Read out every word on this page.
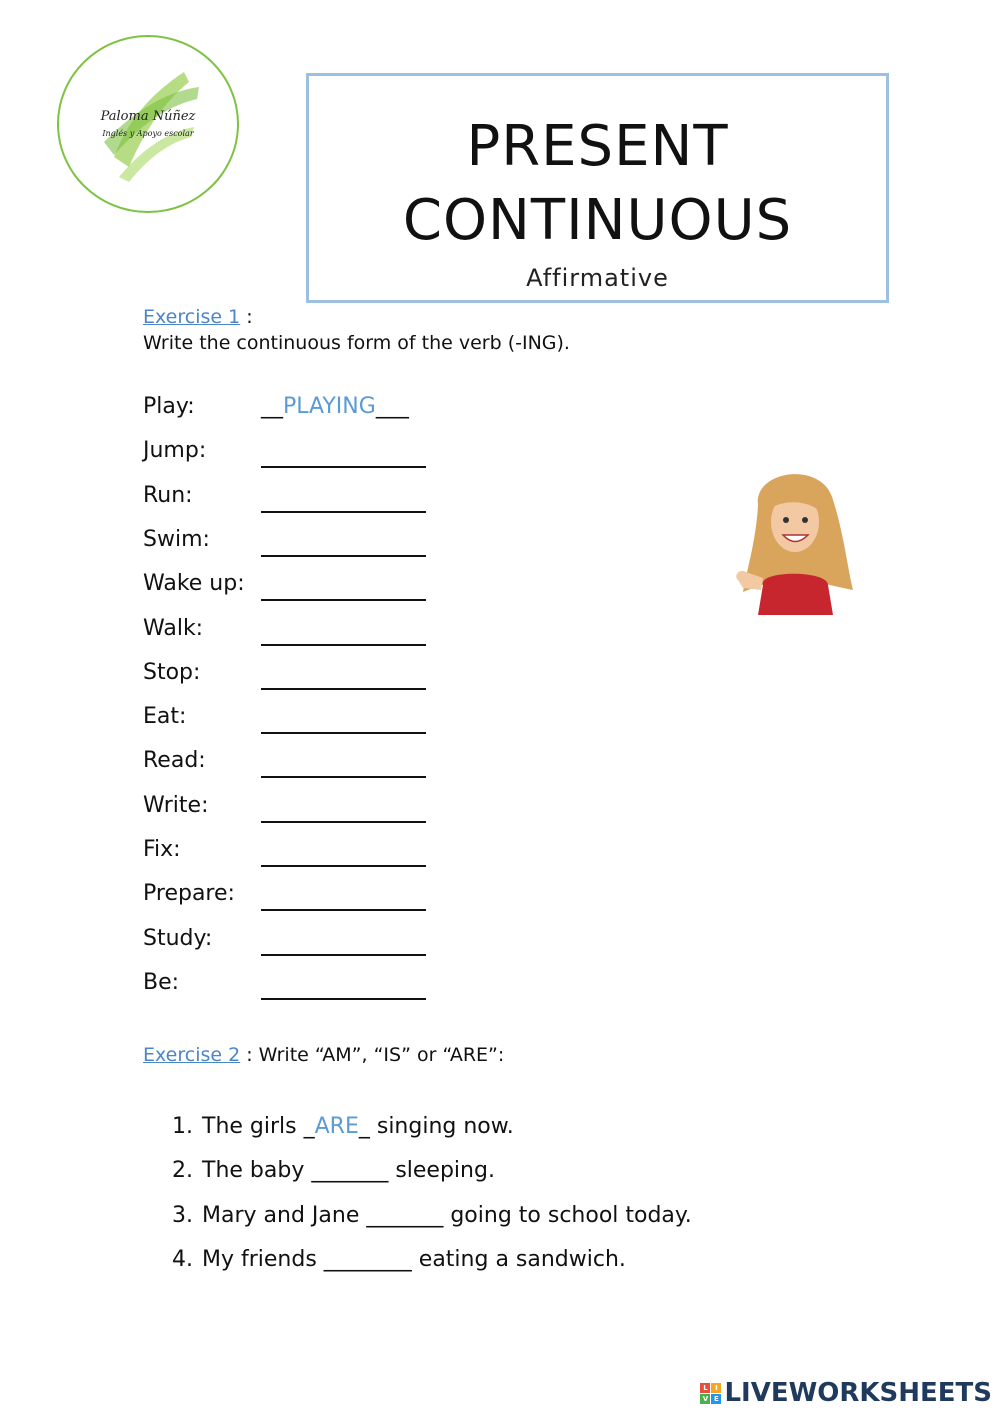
Paloma Núñez
Inglés y Apoyo escolar	PRESENT
CONTINUOUS
Affirmative
Exercise 1 :
Write the continuous form of the verb (-ING).
Play:	__PLAYING___
Jump:
Run:
Swim:
Wake up:
Walk:
Stop:
Eat:
Read:
Write:
Fix:
Prepare:
Study:
Be:
Exercise 2 : Write “AM”, “IS” or “ARE”:
1. The girls _ARE_ singing now.
2. The baby _______ sleeping.
3. Mary and Jane _______ going to school today.
4. My friends ________ eating a sandwich.
L	I
V E LIVEWORKSHEETS
